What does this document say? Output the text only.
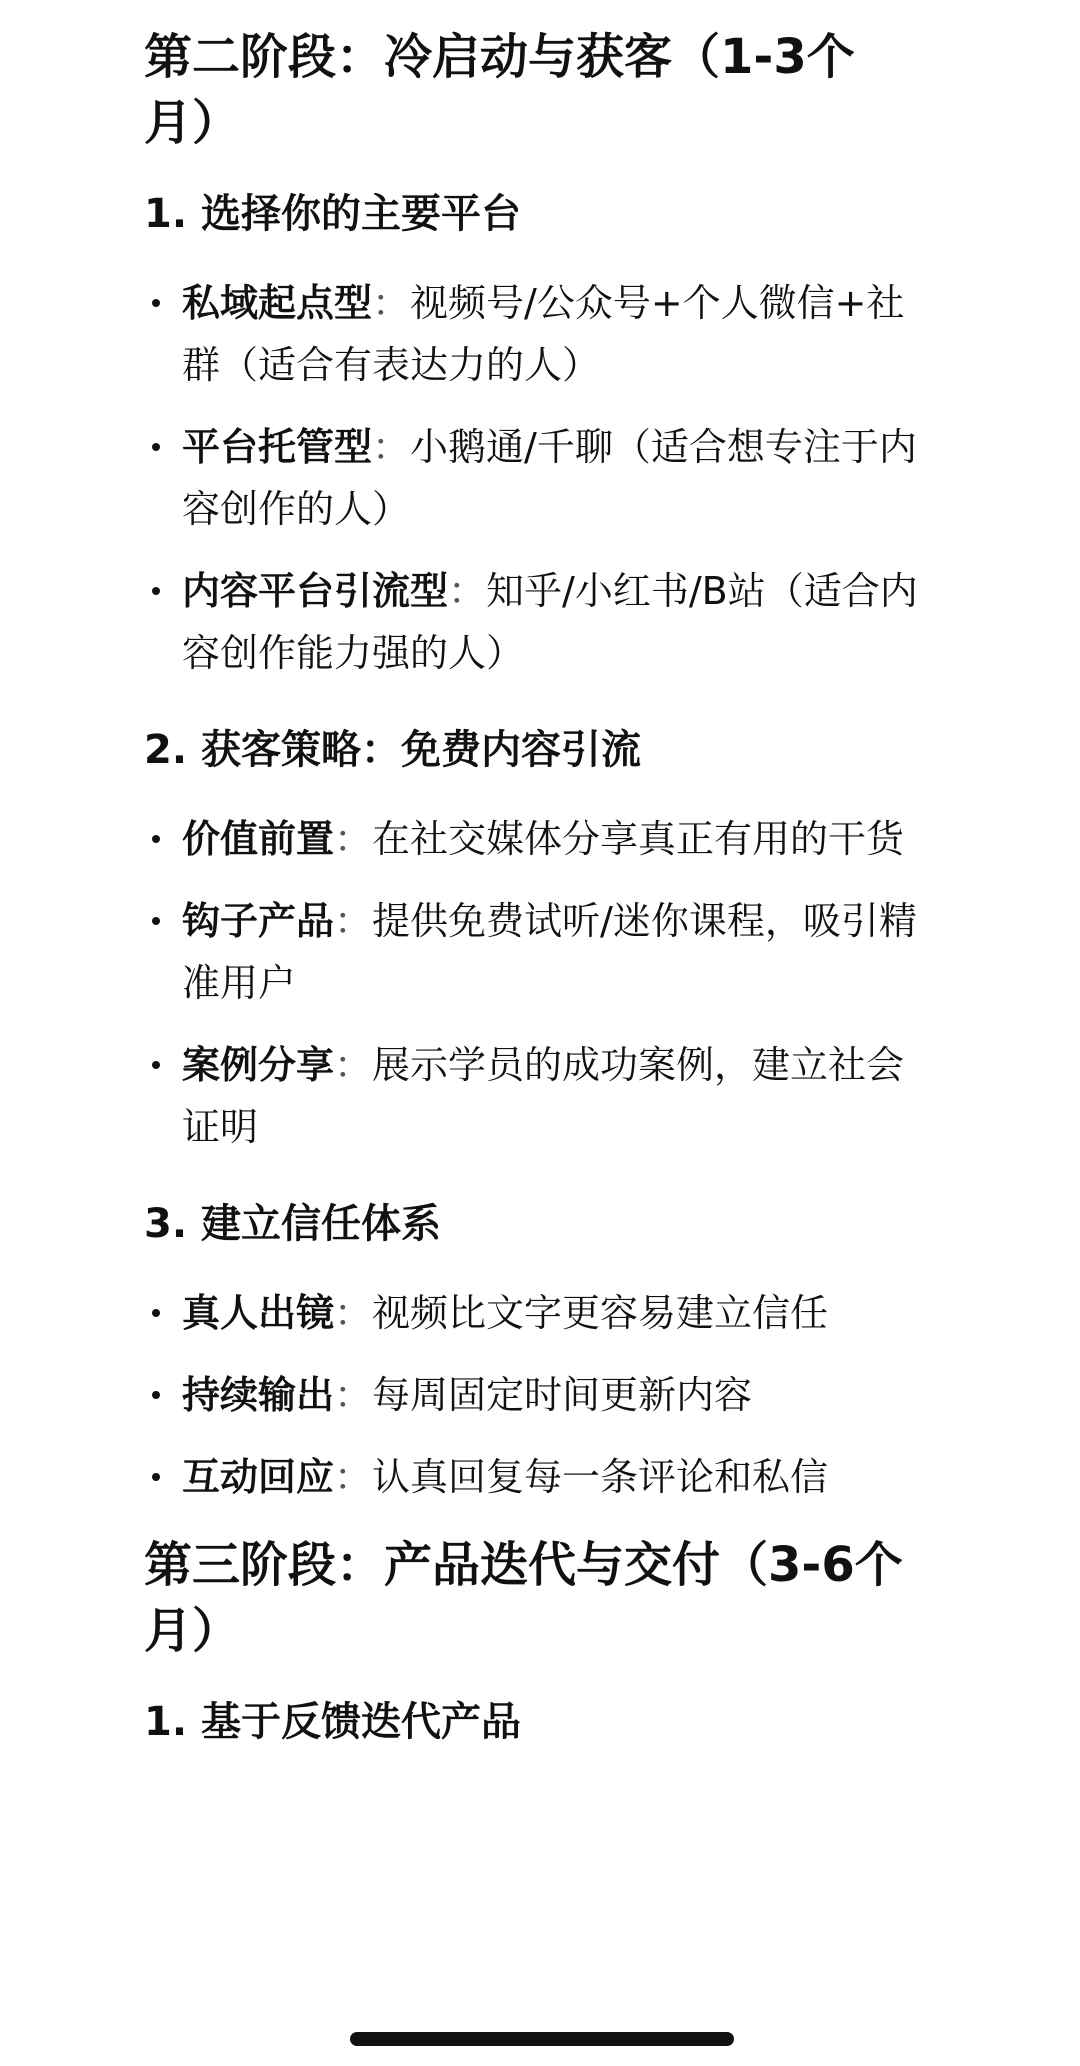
第二阶段：冷启动与获客（1-3个月）
1. 选择你的主要平台
私域起点型：视频号/公众号+个人微信+社群（适合有表达力的人）
平台托管型：小鹅通/千聊（适合想专注于内容创作的人）
内容平台引流型：知乎/小红书/B站（适合内容创作能力强的人）
2. 获客策略：免费内容引流
价值前置：在社交媒体分享真正有用的干货
钩子产品：提供免费试听/迷你课程，吸引精准用户
案例分享：展示学员的成功案例，建立社会证明
3. 建立信任体系
真人出镜：视频比文字更容易建立信任
持续输出：每周固定时间更新内容
互动回应：认真回复每一条评论和私信
第三阶段：产品迭代与交付（3-6个月）
1. 基于反馈迭代产品
